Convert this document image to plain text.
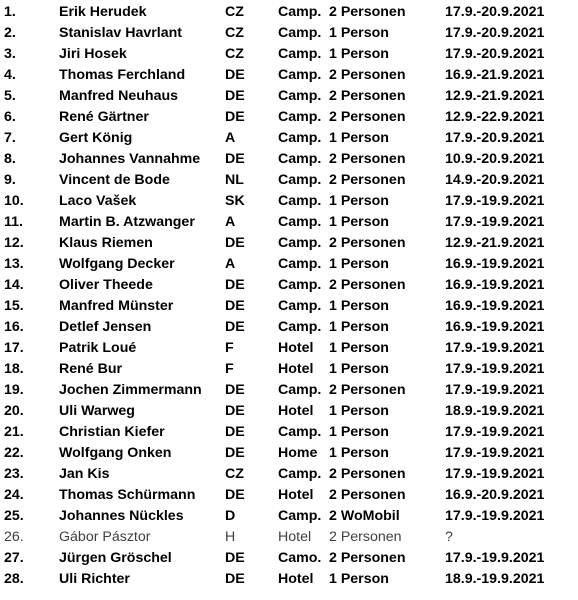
1.	Erik Herudek	CZ	Camp.	2 Personen	17.9.-20.9.2021
2.	Stanislav Havrlant	CZ	Camp.	1 Person	17.9.-20.9.2021
3.	Jiri Hosek	CZ	Camp.	1 Person	17.9.-20.9.2021
4.	Thomas Ferchland	DE	Camp.	2 Personen	16.9.-21.9.2021
5.	Manfred Neuhaus	DE	Camp.	2 Personen	12.9.-21.9.2021
6.	René Gärtner	DE	Camp.	2 Personen	12.9.-22.9.2021
7.	Gert König	A	Camp.	1 Person	17.9.-20.9.2021
8.	Johannes Vannahme	DE	Camp.	2 Personen	10.9.-20.9.2021
9.	Vincent de Bode	NL	Camp.	2 Personen	14.9.-20.9.2021
10.	Laco Vašek	SK	Camp.	1 Person	17.9.-19.9.2021
11.	Martin B. Atzwanger	A	Camp.	1 Person	17.9.-19.9.2021
12.	Klaus Riemen	DE	Camp.	2 Personen	12.9.-21.9.2021
13.	Wolfgang Decker	A	Camp.	1 Person	16.9.-19.9.2021
14.	Oliver Theede	DE	Camp.	2 Personen	16.9.-19.9.2021
15.	Manfred Münster	DE	Camp.	1 Person	16.9.-19.9.2021
16.	Detlef Jensen	DE	Camp.	1 Person	16.9.-19.9.2021
17.	Patrik Loué	F	Hotel	1 Person	17.9.-19.9.2021
18.	René Bur	F	Hotel	1 Person	17.9.-19.9.2021
19.	Jochen Zimmermann	DE	Camp.	2 Personen	17.9.-19.9.2021
20.	Uli Warweg	DE	Hotel	1 Person	18.9.-19.9.2021
21.	Christian Kiefer	DE	Camp.	1 Person	17.9.-19.9.2021
22.	Wolfgang Onken	DE	Home	1 Person	17.9.-19.9.2021
23.	Jan Kis	CZ	Camp.	2 Personen	17.9.-19.9.2021
24.	Thomas Schürmann	DE	Hotel	2 Personen	16.9.-20.9.2021
25.	Johannes Nückles	D	Camp.	2 WoMobil	17.9.-19.9.2021
26.	Gábor Pásztor	H	Hotel	2 Personen	?
27.	Jürgen Gröschel	DE	Camo.	2 Personen	17.9.-19.9.2021
28.	Uli Richter	DE	Hotel	1 Person	18.9.-19.9.2021
